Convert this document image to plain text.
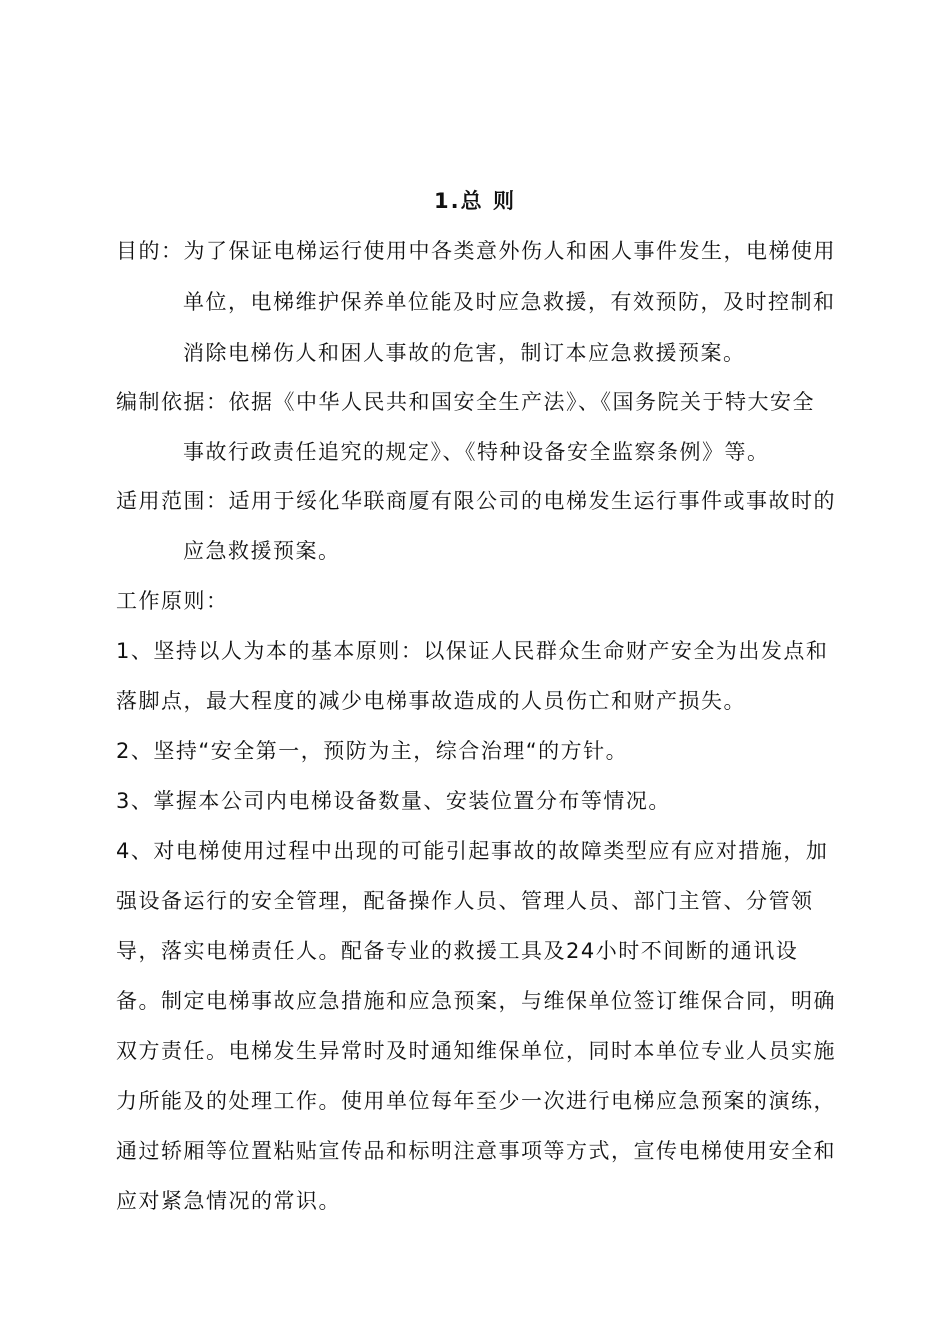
1.总 则
目的：为了保证电梯运行使用中各类意外伤人和困人事件发生，电梯使用
单位，电梯维护保养单位能及时应急救援，有效预防，及时控制和
消除电梯伤人和困人事故的危害，制订本应急救援预案。
编制依据：依据《中华人民共和国安全生产法》、《国务院关于特大安全
事故行政责任追究的规定》、《特种设备安全监察条例》等。
适用范围：适用于绥化华联商厦有限公司的电梯发生运行事件或事故时的
应急救援预案。
工作原则：
1、坚持以人为本的基本原则：以保证人民群众生命财产安全为出发点和
落脚点，最大程度的减少电梯事故造成的人员伤亡和财产损失。
2、坚持“安全第一，预防为主，综合治理“的方针。
3、掌握本公司内电梯设备数量、安装位置分布等情况。
4、对电梯使用过程中出现的可能引起事故的故障类型应有应对措施，加
强设备运行的安全管理，配备操作人员、管理人员、部门主管、分管领
导，落实电梯责任人。配备专业的救援工具及24小时不间断的通讯设
备。制定电梯事故应急措施和应急预案，与维保单位签订维保合同，明确
双方责任。电梯发生异常时及时通知维保单位，同时本单位专业人员实施
力所能及的处理工作。使用单位每年至少一次进行电梯应急预案的演练，
通过轿厢等位置粘贴宣传品和标明注意事项等方式，宣传电梯使用安全和
应对紧急情况的常识。
